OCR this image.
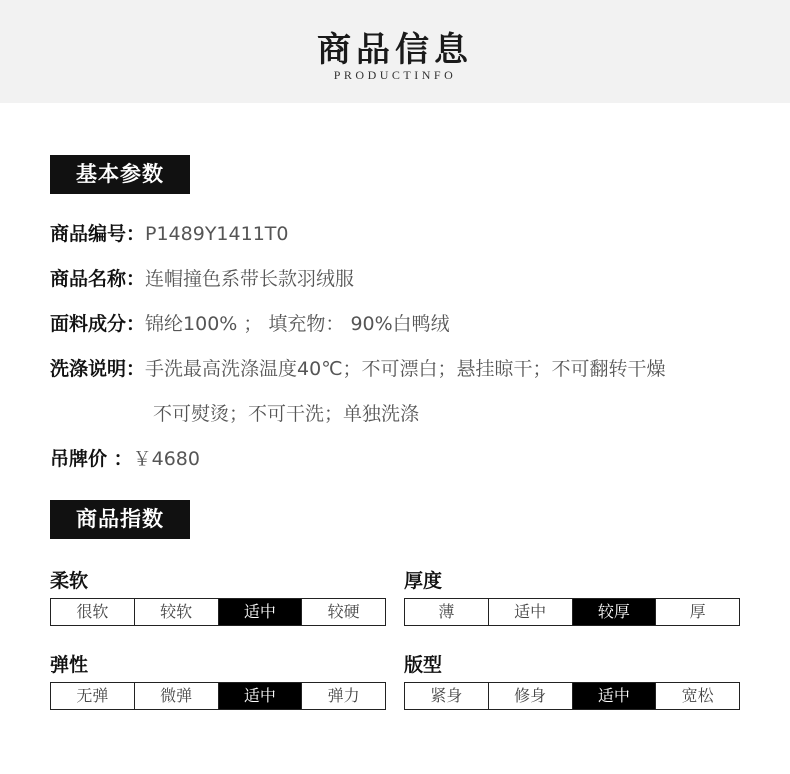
商品信息
PRODUCTINFO
基本参数
商品编号：P1489Y1411T0
商品名称：连帽撞色系带长款羽绒服
面料成分：锦纶100% ； 填充物： 90%白鸭绒
洗涤说明：手洗最高洗涤温度40℃；不可漂白；悬挂晾干；不可翻转干燥
不可熨烫；不可干洗；单独洗涤
吊牌价 ：￥4680
商品指数
柔软
很软	较软	适中	较硬
厚度
薄	适中	较厚	厚
弹性
无弹	微弹	适中	弹力
版型
紧身	修身	适中	宽松
